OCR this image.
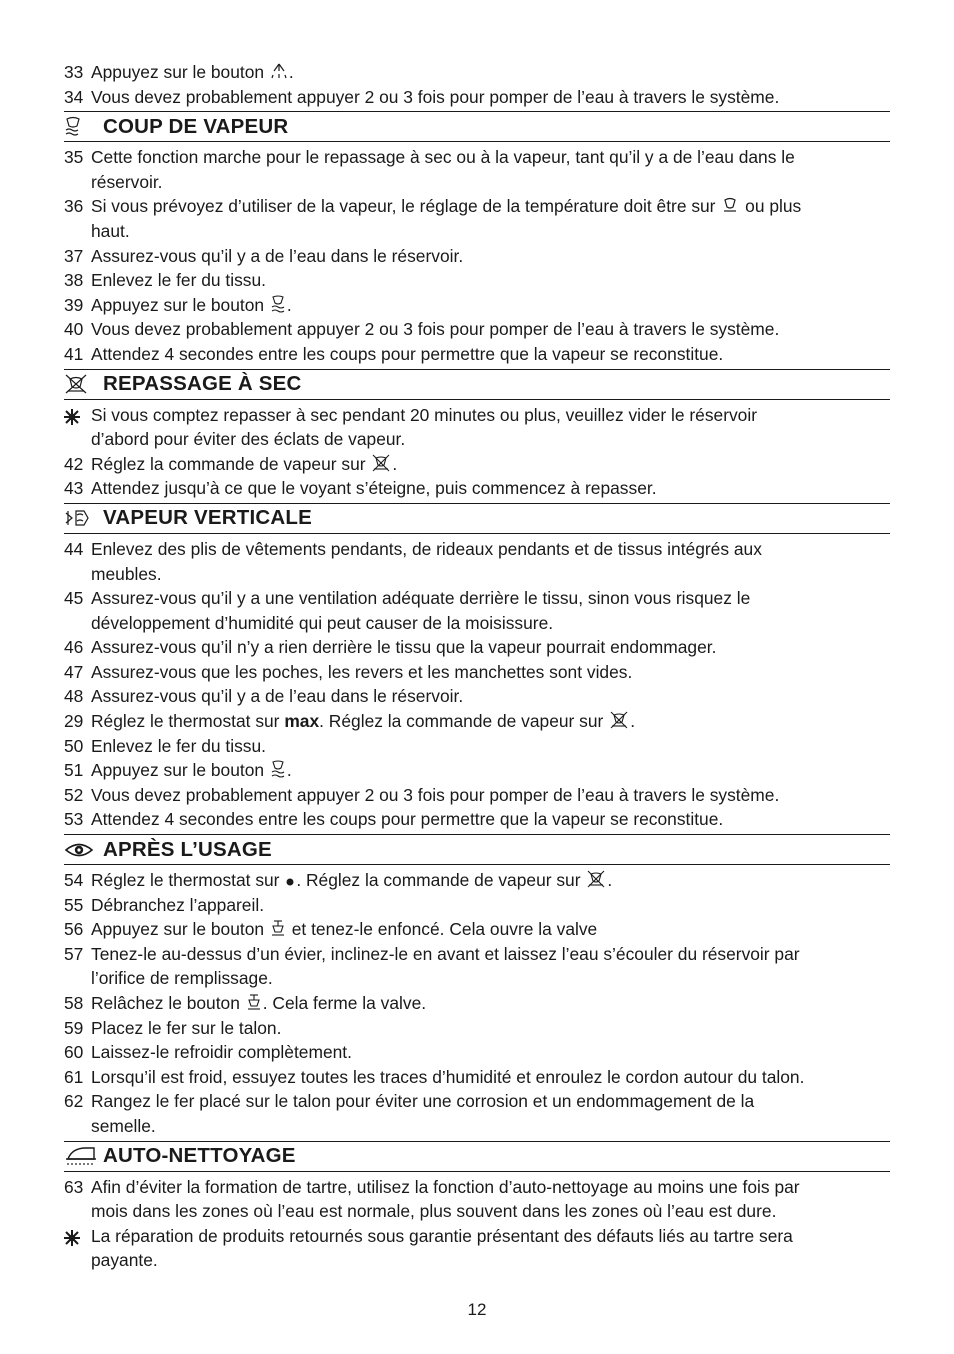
33 Appuyez sur le bouton .

34 Vous devez probablement appuyer 2 ou 3 fois pour pomper de l’eau à travers le système.

COUP DE VAPEUR

35 Cette fonction marche pour le repassage à sec ou à la vapeur, tant qu’il y a de l’eau dans le
réservoir.

36 Si vous prévoyez d’utiliser de la vapeur, le réglage de la température doit être sur ou plus
haut.

37 Assurez-vous qu’il y a de l’eau dans le réservoir.

38 Enlevez le fer du tissu.

39 Appuyez sur le bouton .

40 Vous devez probablement appuyer 2 ou 3 fois pour pomper de l’eau à travers le système.

41 Attendez 4 secondes entre les coups pour permettre que la vapeur se reconstitue.

REPASSAGE À SEC

Si vous comptez repasser à sec pendant 20 minutes ou plus, veuillez vider le réservoir
d’abord pour éviter des éclats de vapeur.

42 Réglez la commande de vapeur sur .

43 Attendez jusqu’à ce que le voyant s’éteigne, puis commencez à repasser.

VAPEUR VERTICALE

44 Enlevez des plis de vêtements pendants, de rideaux pendants et de tissus intégrés aux
meubles.

45 Assurez-vous qu’il y a une ventilation adéquate derrière le tissu, sinon vous risquez le
développement d’humidité qui peut causer de la moisissure.

46 Assurez-vous qu’il n’y a rien derrière le tissu que la vapeur pourrait endommager.

47 Assurez-vous que les poches, les revers et les manchettes sont vides.

48 Assurez-vous qu’il y a de l’eau dans le réservoir.

29 Réglez le thermostat sur max. Réglez la commande de vapeur sur .

50 Enlevez le fer du tissu.

51 Appuyez sur le bouton .

52 Vous devez probablement appuyer 2 ou 3 fois pour pomper de l’eau à travers le système.

53 Attendez 4 secondes entre les coups pour permettre que la vapeur se reconstitue.

APRÈS L’USAGE

54 Réglez le thermostat sur . Réglez la commande de vapeur sur .

55 Débranchez l’appareil.

56 Appuyez sur le bouton et tenez-le enfoncé. Cela ouvre la valve

57 Tenez-le au-dessus d’un évier, inclinez-le en avant et laissez l’eau s’écouler du réservoir par
l’orifice de remplissage.

58 Relâchez le bouton . Cela ferme la valve.

59 Placez le fer sur le talon.

60 Laissez-le refroidir complètement.

61 Lorsqu’il est froid, essuyez toutes les traces d’humidité et enroulez le cordon autour du talon.

62 Rangez le fer placé sur le talon pour éviter une corrosion et un endommagement de la
semelle.

AUTO-NETTOYAGE

63 Afin d’éviter la formation de tartre, utilisez la fonction d’auto-nettoyage au moins une fois par
mois dans les zones où l’eau est normale, plus souvent dans les zones où l’eau est dure.

La réparation de produits retournés sous garantie présentant des défauts liés au tartre sera
payante.

12
